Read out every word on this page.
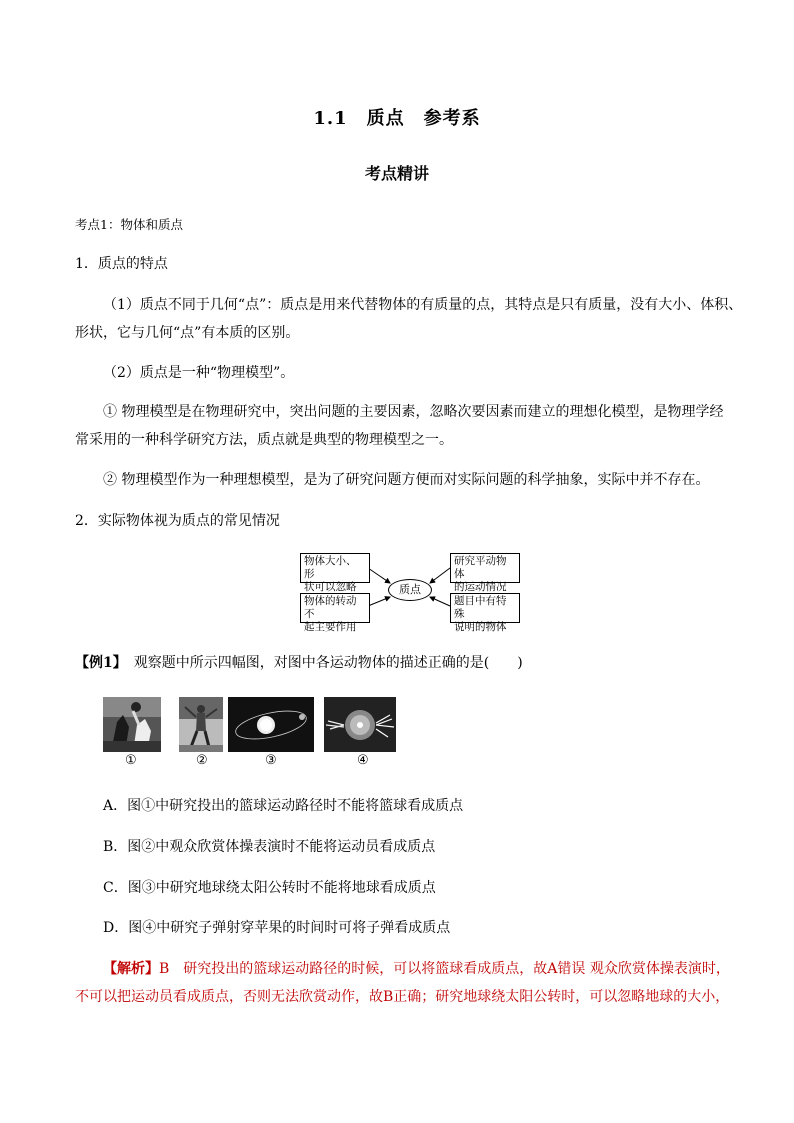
1.1　质点　参考系
考点精讲
考点1：物体和质点
1．质点的特点
（1）质点不同于几何“点”：质点是用来代替物体的有质量的点，其特点是只有质量，没有大小、体积、
形状，它与几何“点”有本质的区别。
（2）质点是一种“物理模型”。
① 物理模型是在物理研究中，突出问题的主要因素，忽略次要因素而建立的理想化模型，是物理学经
常采用的一种科学研究方法，质点就是典型的物理模型之一。
② 物理模型作为一种理想模型，是为了研究问题方便而对实际问题的科学抽象，实际中并不存在。
2．实际物体视为质点的常见情况
物体大小、形
状可以忽略
物体的转动不
起主要作用
质点
研究平动物体
的运动情况
题目中有特殊
说明的物体
【例1】　观察题中所示四幅图，对图中各运动物体的描述正确的是(　　)
①	②	③	④
A．图①中研究投出的篮球运动路径时不能将篮球看成质点
B．图②中观众欣赏体操表演时不能将运动员看成质点
C．图③中研究地球绕太阳公转时不能将地球看成质点
D．图④中研究子弹射穿苹果的时间时可将子弹看成质点
【解析】B　研究投出的篮球运动路径的时候，可以将篮球看成质点，故A错误 观众欣赏体操表演时，
不可以把运动员看成质点，否则无法欣赏动作，故B正确；研究地球绕太阳公转时，可以忽略地球的大小，
